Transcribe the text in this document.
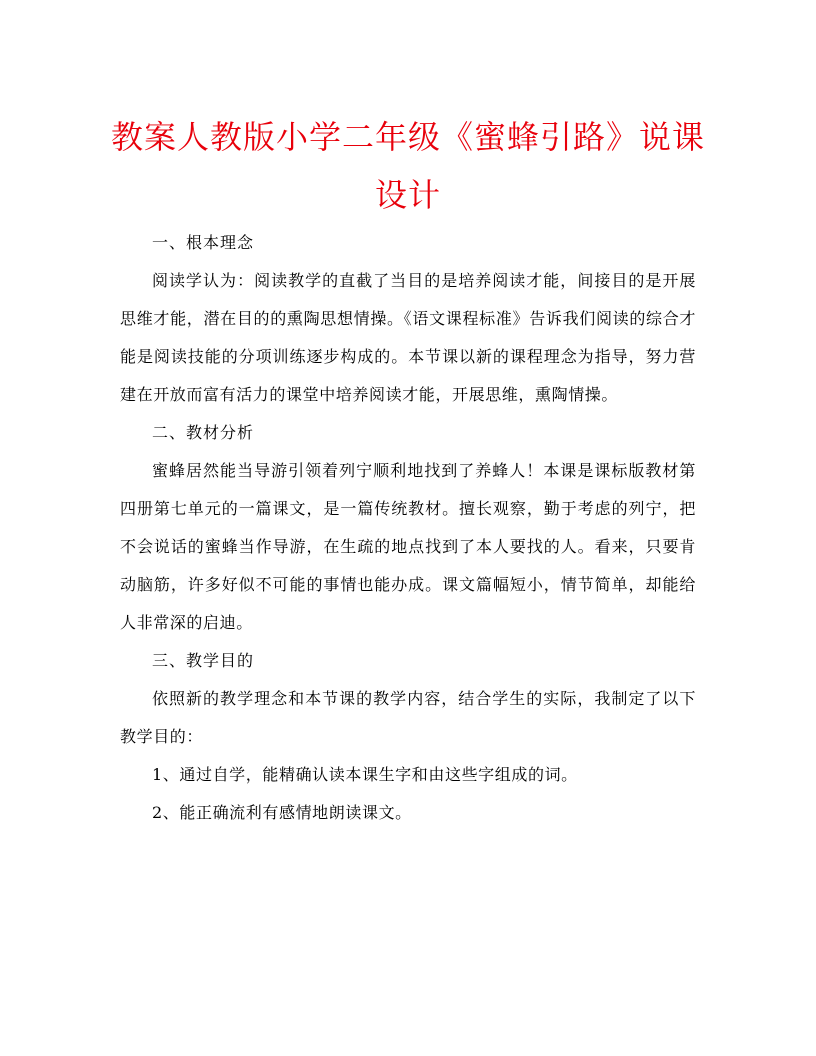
教案人教版小学二年级《蜜蜂引路》说课设计

一、根本理念

阅读学认为：阅读教学的直截了当目的是培养阅读才能，间接目的是开展思维才能，潜在目的的熏陶思想情操。《语文课程标准》告诉我们阅读的综合才能是阅读技能的分项训练逐步构成的。本节课以新的课程理念为指导，努力营建在开放而富有活力的课堂中培养阅读才能，开展思维，熏陶情操。

二、教材分析

蜜蜂居然能当导游引领着列宁顺利地找到了养蜂人！本课是课标版教材第四册第七单元的一篇课文，是一篇传统教材。擅长观察，勤于考虑的列宁，把不会说话的蜜蜂当作导游，在生疏的地点找到了本人要找的人。看来，只要肯动脑筋，许多好似不可能的事情也能办成。课文篇幅短小，情节简单，却能给人非常深的启迪。

三、教学目的

依照新的教学理念和本节课的教学内容，结合学生的实际，我制定了以下教学目的：

1、通过自学，能精确认读本课生字和由这些字组成的词。

2、能正确流利有感情地朗读课文。
